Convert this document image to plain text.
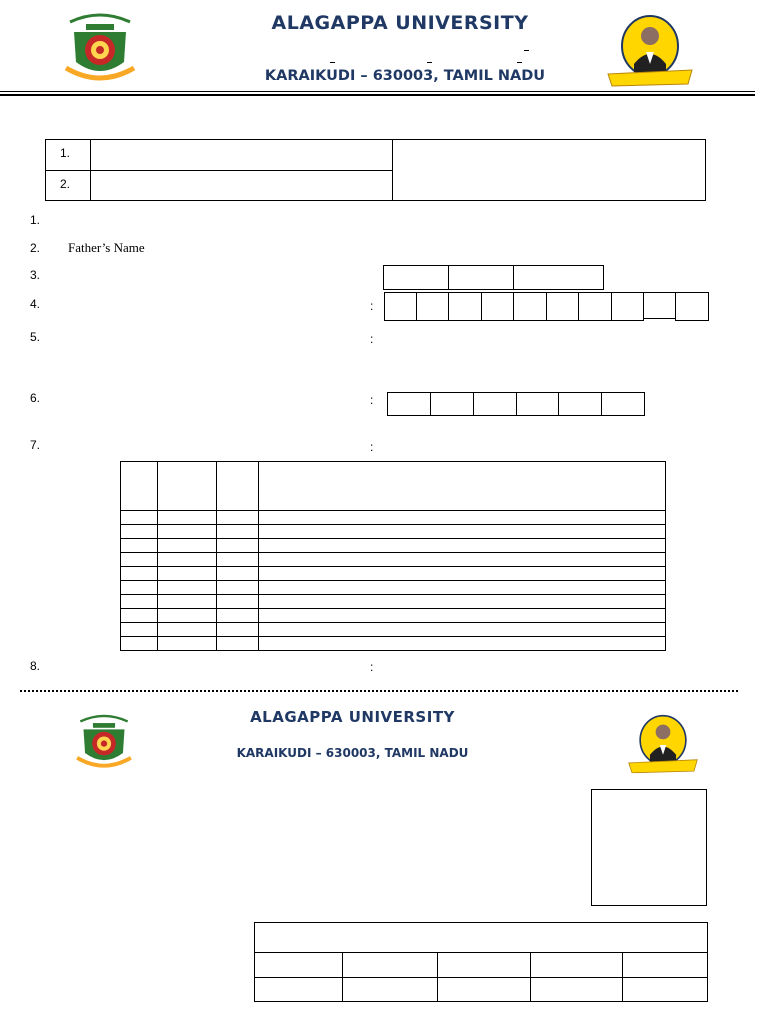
ALAGAPPA UNIVERSITY
KARAIKUDI – 630003, TAMIL NADU
1.
2.
1.
2. Father’s Name
3.
4.	:
5.	:
6.	:
7.	:
8.	:
ALAGAPPA UNIVERSITY
KARAIKUDI – 630003, TAMIL NADU
